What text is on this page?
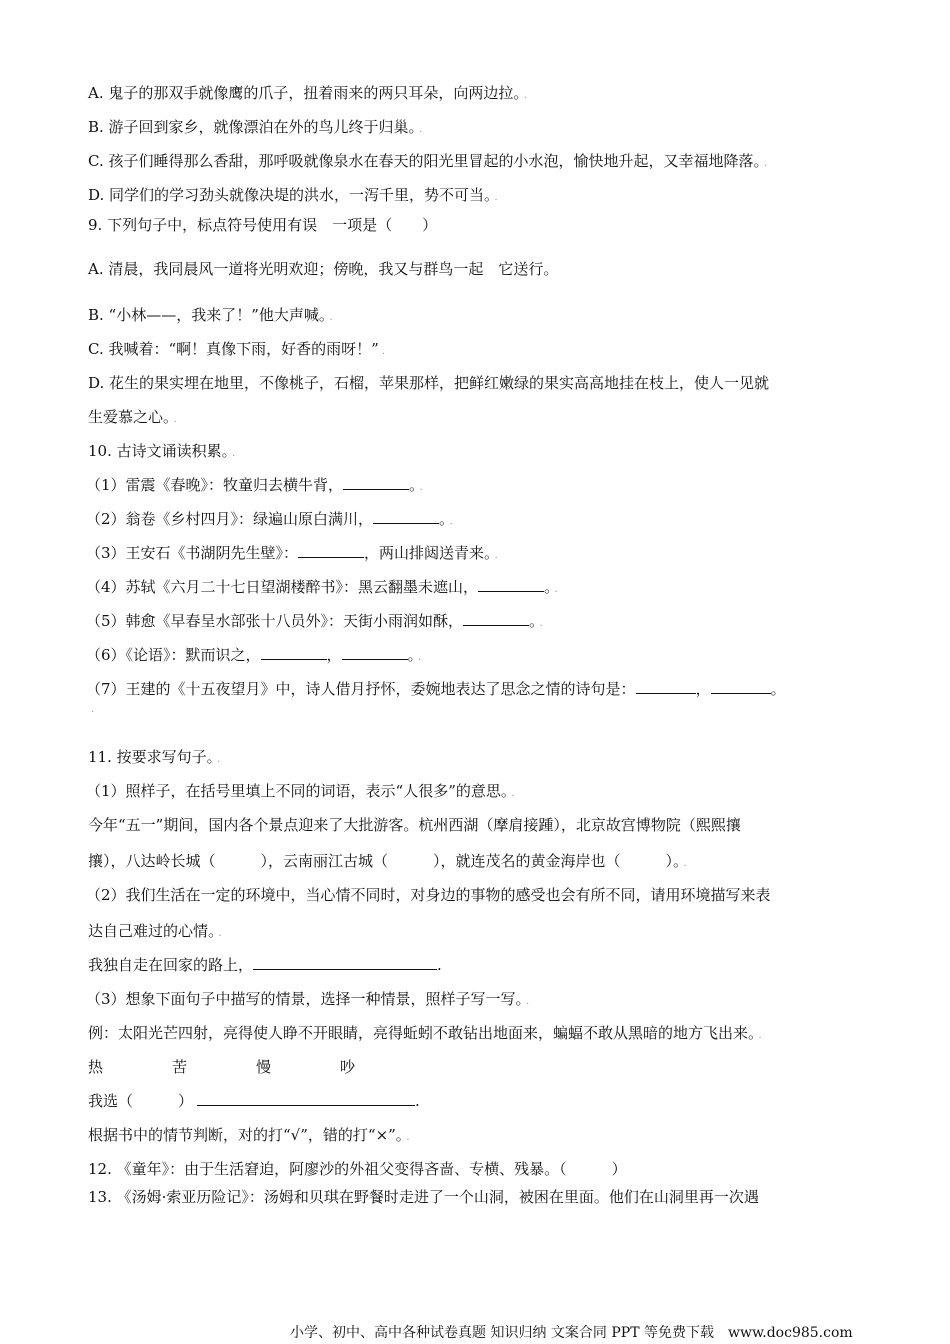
A. 鬼子的那双手就像鹰的爪子，扭着雨来的两只耳朵，向两边拉。 ．
B. 游子回到家乡，就像漂泊在外的鸟儿终于归巢。 ．
C. 孩子们睡得那么香甜，那呼吸就像泉水在春天的阳光里冒起的小水泡，愉快地升起，又幸福地降落。 ．
D. 同学们的学习劲头就像决堤的洪水，一泻千里，势不可当。 ．
9. 下列句子中，标点符号使用有误　一项是（　　）
A. 清晨，我同晨风一道将光明欢迎；傍晚，我又与群鸟一起　它送行。
B. “小林——，我来了！”他大声喊。 ．
C. 我喊着：“啊！真像下雨，好香的雨呀！” ．
D. 花生的果实埋在地里，不像桃子，石榴，苹果那样，把鲜红嫩绿的果实高高地挂在枝上，使人一见就
生爱慕之心。 ．
10. 古诗文诵读积累。 ．
（1）雷震《春晚》：牧童归去横牛背，	。 ．
（2）翁卷《乡村四月》：绿遍山原白满川，	。 ．
（3）王安石《书湖阴先生壁》：	，两山排闼送青来。 ．
（4）苏轼《六月二十七日望湖楼醉书》：黑云翻墨未遮山，	。 ．
（5）韩愈《早春呈水部张十八员外》：天街小雨润如酥，	。 ．
（6）《论语》：默而识之，	，	。 ．
（7）王建的《十五夜望月》中，诗人借月抒怀，委婉地表达了思念之情的诗句是：	，	。
．
11. 按要求写句子。 ．
（1）照样子，在括号里填上不同的词语，表示“人很多”的意思。 ．
今年“五一”期间，国内各个景点迎来了大批游客。杭州西湖（摩肩接踵），北京故宫博物院（熙熙攘
攘），八达岭长城（　　　），云南丽江古城（　　　），就连茂名的黄金海岸也（　　　）。 ．
（2）我们生活在一定的环境中，当心情不同时，对身边的事物的感受也会有所不同，请用环境描写来表
达自己难过的心情。 ．
我独自走在回家的路上，	.
（3）想象下面句子中描写的情景，选择一种情景，照样子写一写。 ．
例：太阳光芒四射，亮得使人睁不开眼睛，亮得蚯蚓不敢钻出地面来，蝙蝠不敢从黑暗的地方飞出来。 ．
热	苦	慢	吵
我选（　　　）	.
根据书中的情节判断，对的打“√”，错的打“×”。 ．
12. 《童年》：由于生活窘迫，阿廖沙的外祖父变得吝啬、专横、残暴。（　　　）
13. 《汤姆·索亚历险记》：汤姆和贝琪在野餐时走进了一个山洞，被困在里面。他们在山洞里再一次遇
小学、初中、高中各种试卷真题 知识归纳 文案合同 PPT 等免费下载　www.doc985.com
